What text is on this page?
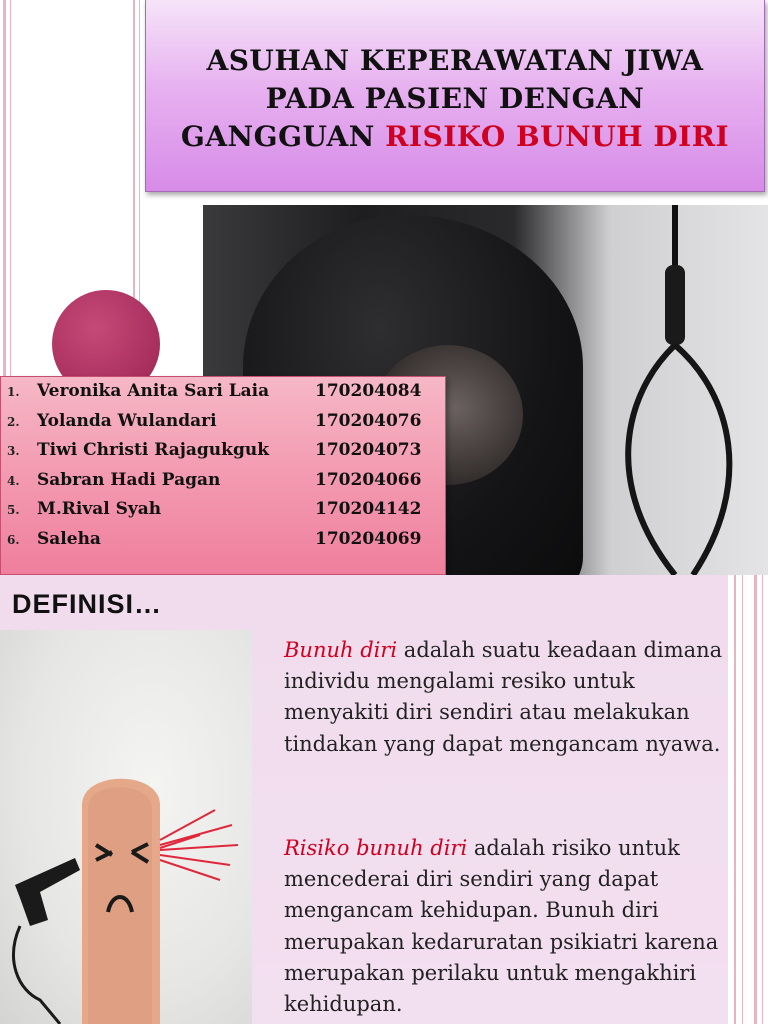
ASUHAN KEPERAWATAN JIWA
PADA PASIEN DENGAN
GANGGUAN RISIKO BUNUH DIRI
1.	Veronika Anita Sari Laia	170204084
2.	Yolanda Wulandari	170204076
3.	Tiwi Christi Rajagukguk	170204073
4.	Sabran Hadi Pagan	170204066
5.	M.Rival Syah	170204142
6.	Saleha	170204069
DEFINISI…

Bunuh diri adalah suatu keadaan dimana individu mengalami resiko untuk menyakiti diri sendiri atau melakukan tindakan yang dapat mengancam nyawa.

Risiko bunuh diri adalah risiko untuk mencederai diri sendiri yang dapat mengancam kehidupan. Bunuh diri merupakan kedaruratan psikiatri karena merupakan perilaku untuk mengakhiri kehidupan.
